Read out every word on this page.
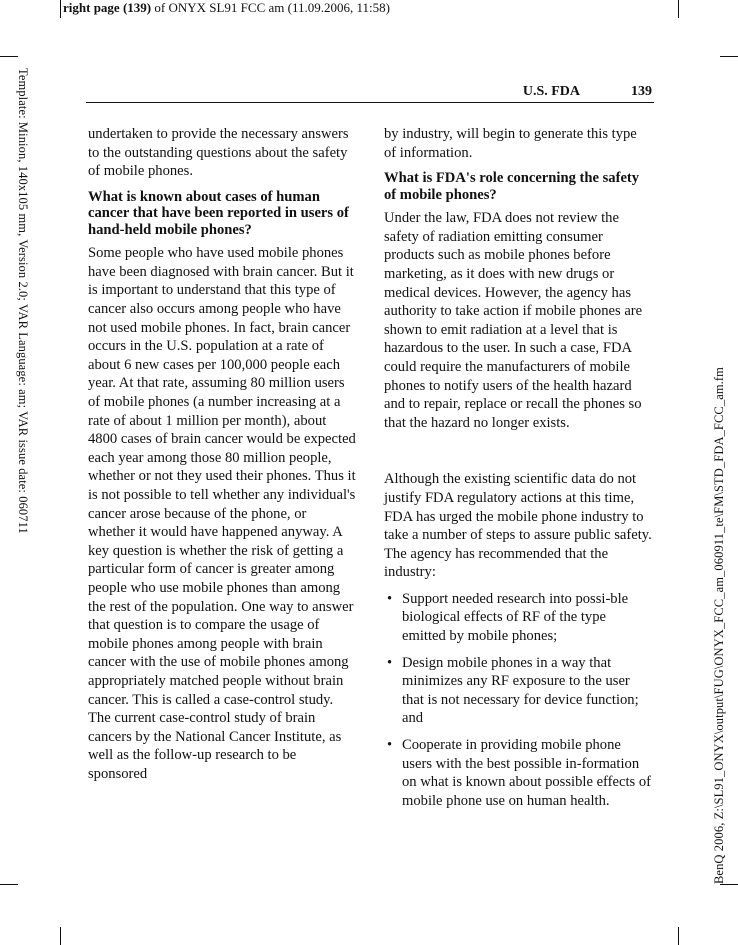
right page (139) of ONYX SL91 FCC am (11.09.2006, 11:58)
Template: Minion, 140x105 mm, Version 2.0; VAR Language: am; VAR issue date: 060711
BenQ 2006, Z:\SL91_ONYX\output\FUG\ONYX_FCC_am_060911_te\FM\STD_FDA_FCC_am.fm
U.S. FDA	139

undertaken to provide the necessary answers to the outstanding questions about the safety of mobile phones.

What is known about cases of human cancer that have been reported in users of hand-held mobile phones?

Some people who have used mobile phones have been diagnosed with brain cancer. But it is important to understand that this type of cancer also occurs among people who have not used mobile phones. In fact, brain cancer occurs in the U.S. population at a rate of about 6 new cases per 100,000 people each year. At that rate, assuming 80 million users of mobile phones (a number increasing at a rate of about 1 million per month), about 4800 cases of brain cancer would be expected each year among those 80 million people, whether or not they used their phones. Thus it is not possible to tell whether any individual's cancer arose because of the phone, or whether it would have happened anyway. A key question is whether the risk of getting a particular form of cancer is greater among people who use mobile phones than among the rest of the population. One way to answer that question is to compare the usage of mobile phones among people with brain cancer with the use of mobile phones among appropriately matched people without brain cancer. This is called a case-control study. The current case-control study of brain cancers by the National Cancer Institute, as well as the follow-up research to be sponsored

by industry, will begin to generate this type of information.

What is FDA's role concerning the safety of mobile phones?

Under the law, FDA does not review the safety of radiation emitting consumer products such as mobile phones before marketing, as it does with new drugs or medical devices. However, the agency has authority to take action if mobile phones are shown to emit radiation at a level that is hazardous to the user. In such a case, FDA could require the manufacturers of mobile phones to notify users of the health hazard and to repair, replace or recall the phones so that the hazard no longer exists.

Although the existing scientific data do not justify FDA regulatory actions at this time, FDA has urged the mobile phone industry to take a number of steps to assure public safety. The agency has recommended that the industry:

• Support needed research into possi-ble biological effects of RF of the type emitted by mobile phones;
• Design mobile phones in a way that minimizes any RF exposure to the user that is not necessary for device function; and
• Cooperate in providing mobile phone users with the best possible in-formation on what is known about possible effects of mobile phone use on human health.
